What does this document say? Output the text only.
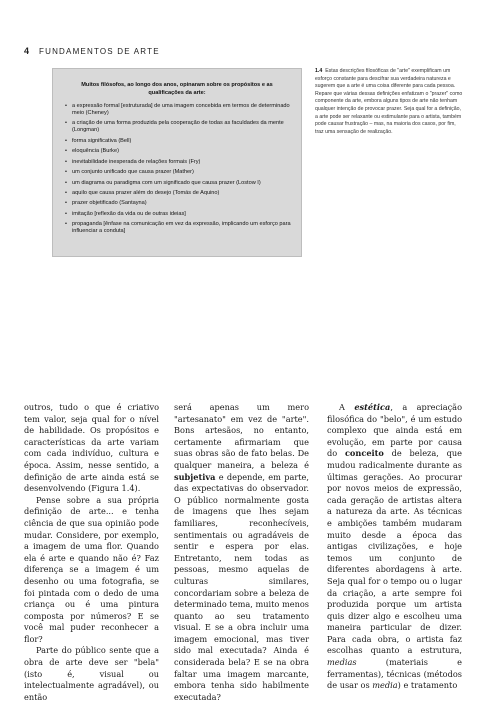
4 FUNDAMENTOS DE ARTE
Muitos filósofos, ao longo dos anos, opinaram sobre os propósitos e as qualificações da arte:
• a expressão formal [estruturada] de uma imagem concebida em termos de determinado meio (Cheney)
• a criação de uma forma produzida pela cooperação de todas as faculdades da mente (Longman)
• forma significativa (Bell)
• eloquência (Burke)
• inevitabilidade inesperada de relações formais (Fry)
• um conjunto unificado que causa prazer (Mather)
• um diagrama ou paradigma com um significado que causa prazer (Lostow I)
• aquilo que causa prazer além do desejo (Tomás de Aquino)
• prazer objetificado (Santayna)
• imitação [reflexão da vida ou de outras ideias]
• propaganda [ênfase na comunicação em vez da expressão, implicando um esforço para influenciar a conduta]
1.4 Estas descrições filosóficas de "arte" exemplificam um esforço constante para descifrar sua verdadeira natureza e sugerem que a arte é uma coisa diferente para cada pessoa. Repare que várias dessas definições enfatizam o "prazer" como componente da arte, embora alguns tipos de arte não tenham qualquer intenção de provocar prazer. Seja qual for a definição, a arte pode ser relaxante ou estimulante para o artista, também pode causar frustração – mas, na maioria dos casos, por fim, traz uma sensação de realização.

outros, tudo o que é criativo tem valor, seja qual for o nível de habilidade. Os propósitos e características da arte variam com cada indivíduo, cultura e época. Assim, nesse sentido, a definição de arte ainda está se desenvolvendo (Figura 1.4).

Pense sobre a sua própria definição de arte... e tenha ciência de que sua opinião pode mudar. Considere, por exemplo, a imagem de uma flor. Quando ela é arte e quando não é? Faz diferença se a imagem é um desenho ou uma fotografia, se foi pintada com o dedo de uma criança ou é uma pintura composta por números? E se você mal puder reconhecer a flor?

Parte do público sente que a obra de arte deve ser "bela" (isto é, visual ou intelectualmente agradável), ou então

será apenas um mero "artesanato" em vez de "arte". Bons artesãos, no entanto, certamente afirmariam que suas obras são de fato belas. De qualquer maneira, a beleza é subjetiva e depende, em parte, das expectativas do observador. O público normalmente gosta de imagens que lhes sejam familiares, reconhecíveis, sentimentais ou agradáveis de sentir e espera por elas. Entretanto, nem todas as pessoas, mesmo aquelas de culturas similares, concordariam sobre a beleza de determinado tema, muito menos quanto ao seu tratamento visual. E se a obra incluir uma imagem emocional, mas tiver sido mal executada? Ainda é considerada bela? E se na obra faltar uma imagem marcante, embora tenha sido habilmente executada?

A estética, a apreciação filosófica do "belo", é um estudo complexo que ainda está em evolução, em parte por causa do conceito de beleza, que mudou radicalmente durante as últimas gerações. Ao procurar por novos meios de expressão, cada geração de artistas altera a natureza da arte. As técnicas e ambições também mudaram muito desde a época das antigas civilizações, e hoje temos um conjunto de diferentes abordagens à arte. Seja qual for o tempo ou o lugar da criação, a arte sempre foi produzida porque um artista quis dizer algo e escolheu uma maneira particular de dizer. Para cada obra, o artista faz escolhas quanto a estrutura, medias (materiais e ferramentas), técnicas (métodos de usar os media) e tratamento
